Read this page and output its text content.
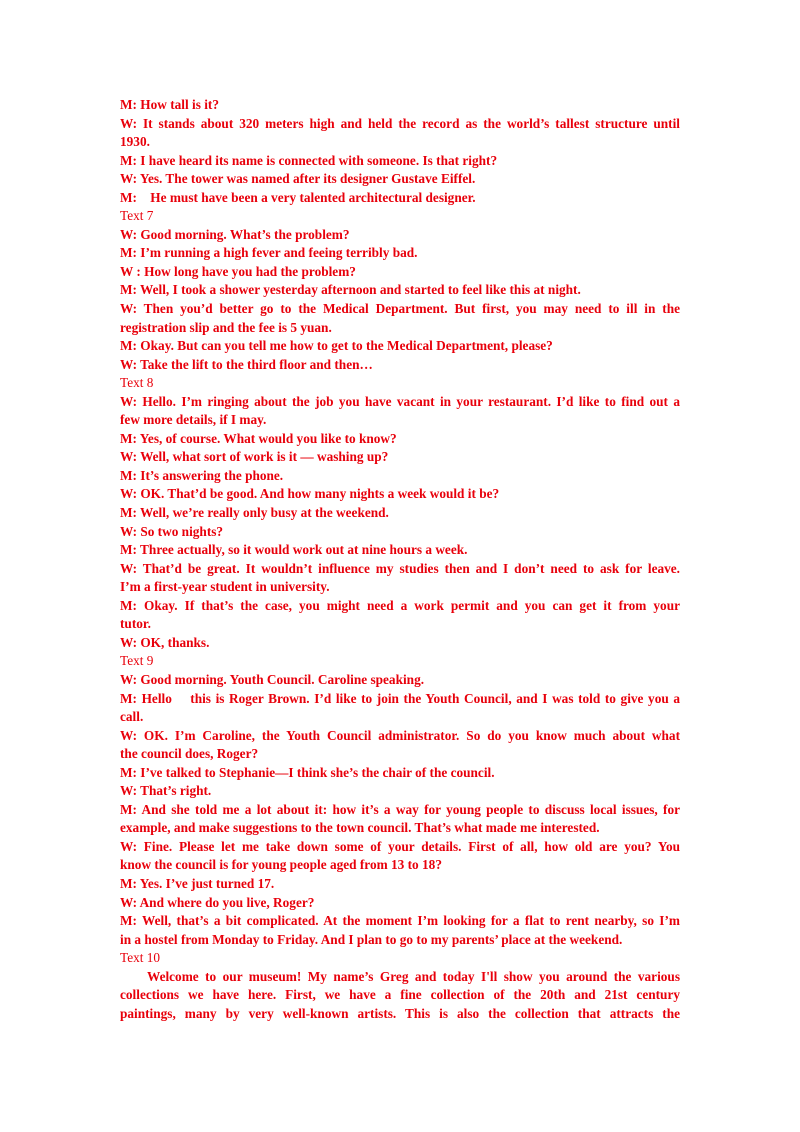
M: How tall is it?
W: It stands about 320 meters high and held the record as the world’s tallest structure until
1930.
M: I have heard its name is connected with someone. Is that right?
W: Yes. The tower was named after its designer Gustave Eiffel.
M:    He must have been a very talented architectural designer.
Text 7
W: Good morning. What’s the problem?
M: I’m running a high fever and feeing terribly bad.
W : How long have you had the problem?
M: Well, I took a shower yesterday afternoon and started to feel like this at night.
W: Then you’d better go to the Medical Department. But first, you may need to ill in the
registration slip and the fee is 5 yuan.
M: Okay. But can you tell me how to get to the Medical Department, please?
W: Take the lift to the third floor and then…
Text 8
W: Hello. I’m ringing about the job you have vacant in your restaurant. I’d like to find out a
few more details, if I may.
M: Yes, of course. What would you like to know?
W: Well, what sort of work is it — washing up?
M: It’s answering the phone.
W: OK. That’d be good. And how many nights a week would it be?
M: Well, we’re really only busy at the weekend.
W: So two nights?
M: Three actually, so it would work out at nine hours a week.
W: That’d be great. It wouldn’t influence my studies then and I don’t need to ask for leave.
I’m a first-year student in university.
M: Okay. If that’s the case, you might need a work permit and you can get it from your
tutor.
W: OK, thanks.
Text 9
W: Good morning. Youth Council. Caroline speaking.
M: Hello    this is Roger Brown. I’d like to join the Youth Council, and I was told to give you a
call.
W: OK. I’m Caroline, the Youth Council administrator. So do you know much about what
the council does, Roger?
M: I’ve talked to Stephanie—I think she’s the chair of the council.
W: That’s right.
M: And she told me a lot about it: how it’s a way for young people to discuss local issues, for
example, and make suggestions to the town council. That’s what made me interested.
W: Fine. Please let me take down some of your details. First of all, how old are you? You
know the council is for young people aged from 13 to 18?
M: Yes. I’ve just turned 17.
W: And where do you live, Roger?
M: Well, that’s a bit complicated. At the moment I’m looking for a flat to rent nearby, so I’m
in a hostel from Monday to Friday. And I plan to go to my parents’ place at the weekend.
Text 10
Welcome to our museum! My name’s Greg and today I'll show you around the various
collections we have here. First, we have a fine collection of the 20th and 21st century
paintings, many by very well-known artists. This is also the collection that attracts the
